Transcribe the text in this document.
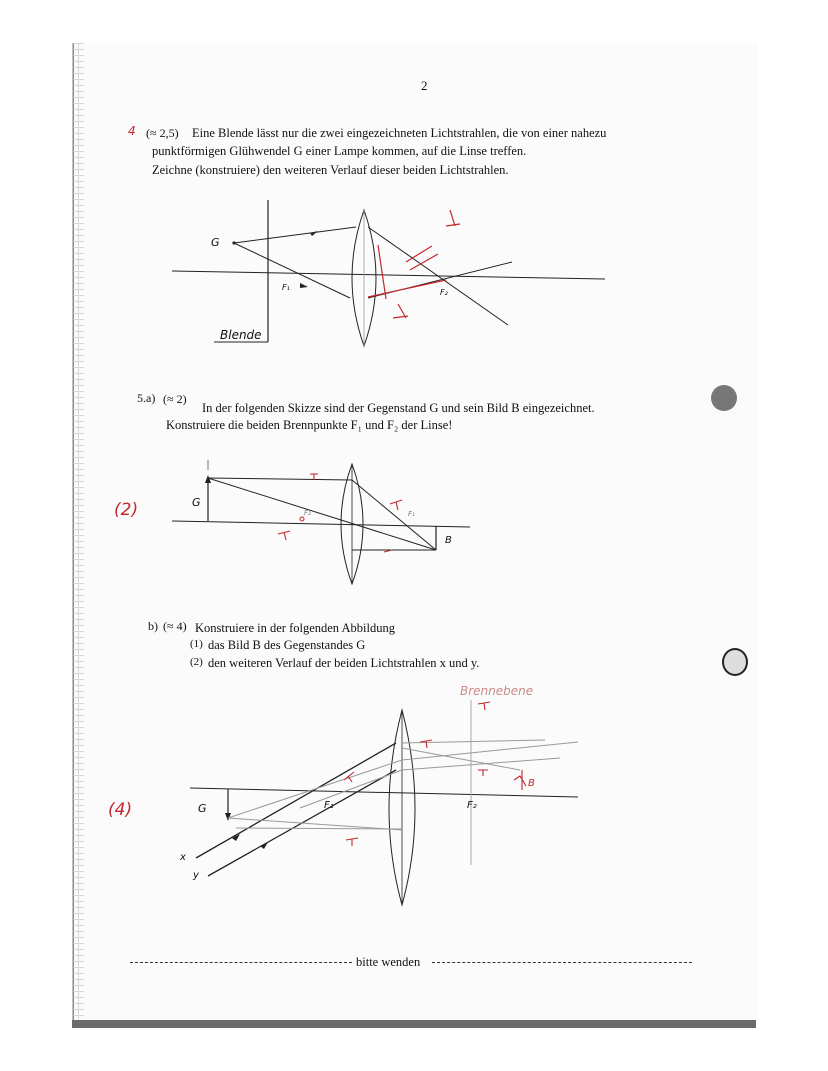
2
4 (≈ 2,5) Eine Blende lässt nur die zwei eingezeichneten Lichtstrahlen, die von einer nahezu
punktförmigen Glühwendel G einer Lampe kommen, auf die Linse treffen.
Zeichne (konstruiere) den weiteren Verlauf dieser beiden Lichtstrahlen.
G
F₁
F₂
Blende
5.a) (≈ 2)
In der folgenden Skizze sind der Gegenstand G und sein Bild B eingezeichnet.
Konstruiere die beiden Brennpunkte F₁ und F₂ der Linse!
(2)	G
F₂	F₁
B
b) (≈ 4) Konstruiere in der folgenden Abbildung
(1) das Bild B des Gegenstandes G
(2) den weiteren Verlauf der beiden Lichtstrahlen x und y.
(4)
Brennebene
G	F₁	F₂
B
x
y
bitte wenden
